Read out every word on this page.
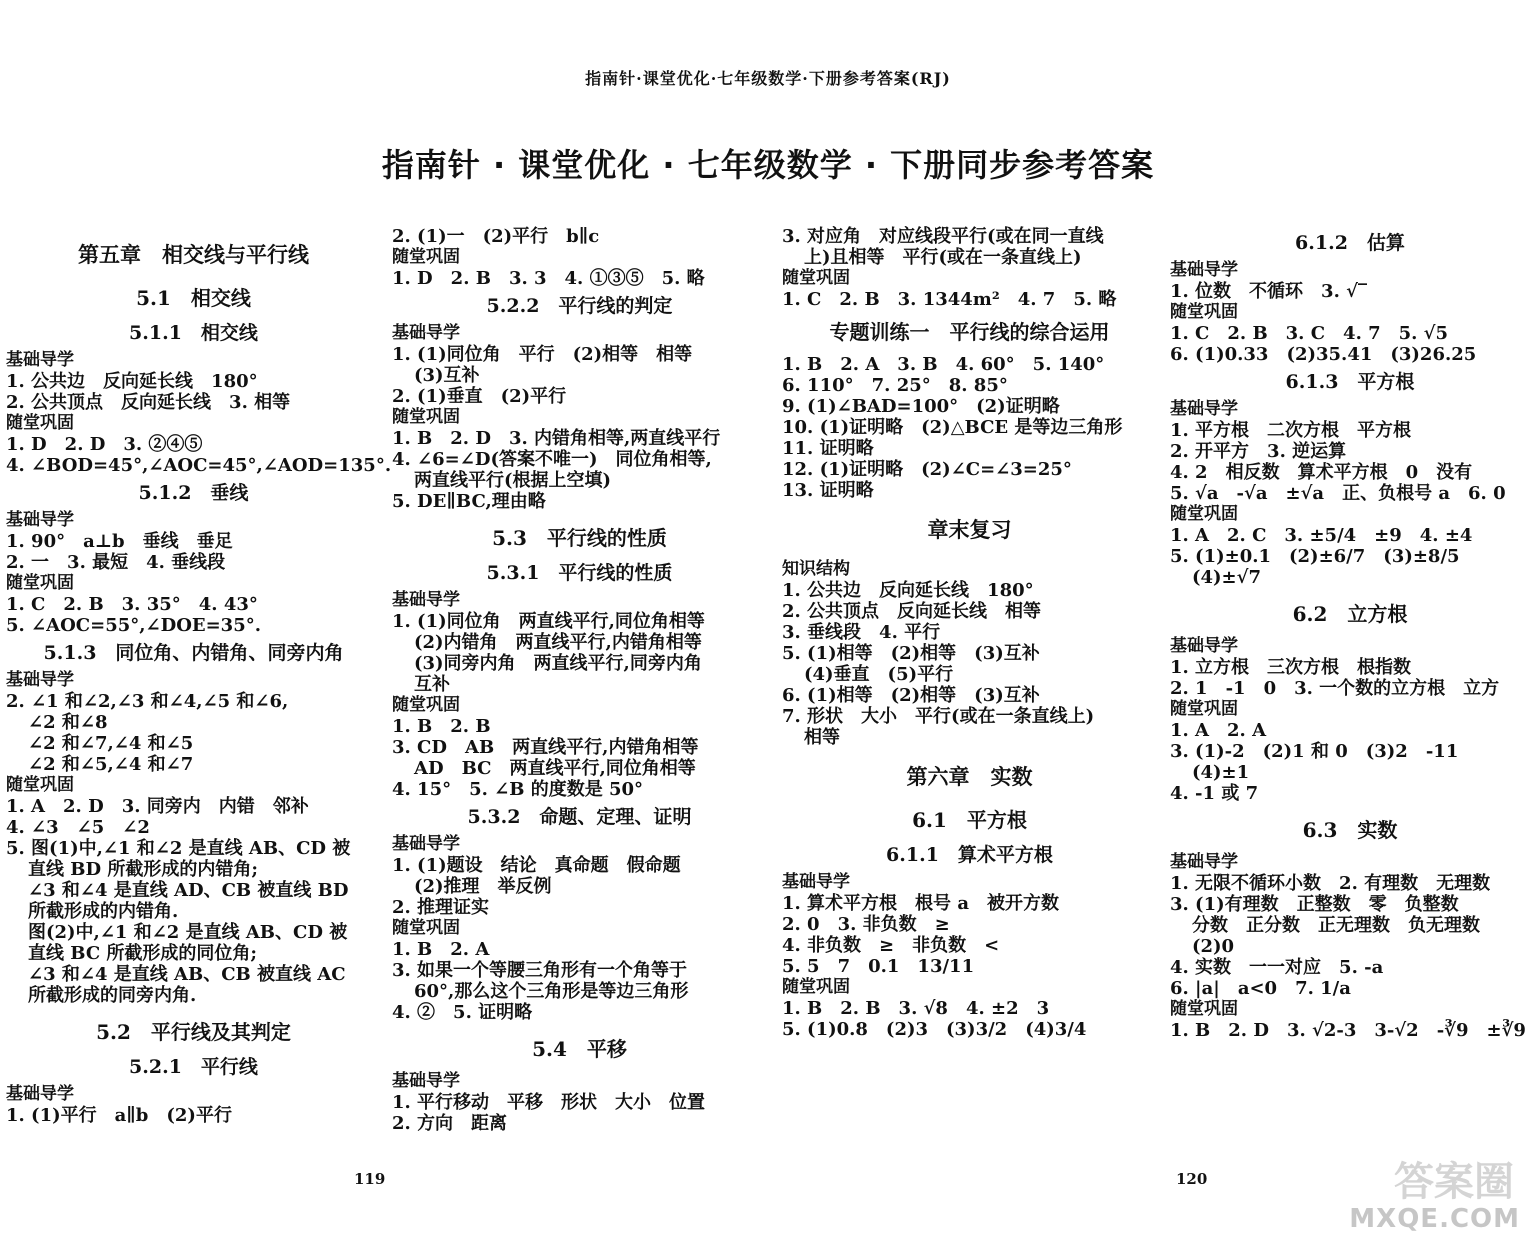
指南针·课堂优化·七年级数学·下册参考答案(RJ)
指南针 · 课堂优化 · 七年级数学 · 下册同步参考答案
第五章　相交线与平行线
5.1　相交线
5.1.1　相交线
基础导学
1. 公共边　反向延长线　180°
2. 公共顶点　反向延长线　3. 相等
随堂巩固
1. D　2. D　3. ②④⑤
4. ∠BOD=45°,∠AOC=45°,∠AOD=135°.
5.1.2　垂线
基础导学
1. 90°　a⊥b　垂线　垂足
2. 一　3. 最短　4. 垂线段
随堂巩固
1. C　2. B　3. 35°　4. 43°
5. ∠AOC=55°,∠DOE=35°.
5.1.3　同位角、内错角、同旁内角
基础导学
2. ∠1 和∠2,∠3 和∠4,∠5 和∠6,
∠2 和∠8
∠2 和∠7,∠4 和∠5
∠2 和∠5,∠4 和∠7
随堂巩固
1. A　2. D　3. 同旁内　内错　邻补
4. ∠3　∠5　∠2
5. 图(1)中,∠1 和∠2 是直线 AB、CD 被
直线 BD 所截形成的内错角;
∠3 和∠4 是直线 AD、CB 被直线 BD
所截形成的内错角.
图(2)中,∠1 和∠2 是直线 AB、CD 被
直线 BC 所截形成的同位角;
∠3 和∠4 是直线 AB、CB 被直线 AC
所截形成的同旁内角.
5.2　平行线及其判定
5.2.1　平行线
基础导学
1. (1)平行　a∥b　(2)平行
2. (1)一　(2)平行　b∥c
随堂巩固
1. D　2. B　3. 3　4. ①③⑤　5. 略
5.2.2　平行线的判定
基础导学
1. (1)同位角　平行　(2)相等　相等
(3)互补
2. (1)垂直　(2)平行
随堂巩固
1. B　2. D　3. 内错角相等,两直线平行
4. ∠6=∠D(答案不唯一)　同位角相等,
两直线平行(根据上空填)
5. DE∥BC,理由略
5.3　平行线的性质
5.3.1　平行线的性质
基础导学
1. (1)同位角　两直线平行,同位角相等
(2)内错角　两直线平行,内错角相等
(3)同旁内角　两直线平行,同旁内角
互补
随堂巩固
1. B　2. B
3. CD　AB　两直线平行,内错角相等
AD　BC　两直线平行,同位角相等
4. 15°　5. ∠B 的度数是 50°
5.3.2　命题、定理、证明
基础导学
1. (1)题设　结论　真命题　假命题
(2)推理　举反例
2. 推理证实
随堂巩固
1. B　2. A
3. 如果一个等腰三角形有一个角等于
60°,那么这个三角形是等边三角形
4. ②　5. 证明略
5.4　平移
基础导学
1. 平行移动　平移　形状　大小　位置
2. 方向　距离
3. 对应角　对应线段平行(或在同一直线
上)且相等　平行(或在一条直线上)
随堂巩固
1. C　2. B　3. 1344m²　4. 7　5. 略
专题训练一　平行线的综合运用
1. B　2. A　3. B　4. 60°　5. 140°
6. 110°　7. 25°　8. 85°
9. (1)∠BAD=100°　(2)证明略
10. (1)证明略　(2)△BCE 是等边三角形
11. 证明略
12. (1)证明略　(2)∠C=∠3=25°
13. 证明略
章末复习
知识结构
1. 公共边　反向延长线　180°
2. 公共顶点　反向延长线　相等
3. 垂线段　4. 平行
5. (1)相等　(2)相等　(3)互补
(4)垂直　(5)平行
6. (1)相等　(2)相等　(3)互补
7. 形状　大小　平行(或在一条直线上)
相等
第六章　实数
6.1　平方根
6.1.1　算术平方根
基础导学
1. 算术平方根　根号 a　被开方数
2. 0　3. 非负数　≥
4. 非负数　≥　非负数　<
5. 5　7　0.1　13/11
随堂巩固
1. B　2. B　3. √8　4. ±2　3
5. (1)0.8　(2)3　(3)3/2　(4)3/4
6.1.2　估算
基础导学
1. 位数　不循环　3. √‾
随堂巩固
1. C　2. B　3. C　4. 7　5. √5
6. (1)0.33　(2)35.41　(3)26.25
6.1.3　平方根
基础导学
1. 平方根　二次方根　平方根
2. 开平方　3. 逆运算
4. 2　相反数　算术平方根　0　没有
5. √a　-√a　±√a　正、负根号 a　6. 0
随堂巩固
1. A　2. C　3. ±5/4　±9　4. ±4
5. (1)±0.1　(2)±6/7　(3)±8/5
(4)±√7
6.2　立方根
基础导学
1. 立方根　三次方根　根指数
2. 1　-1　0　3. 一个数的立方根　立方
随堂巩固
1. A　2. A
3. (1)-2　(2)1 和 0　(3)2　-11
(4)±1
4. -1 或 7
6.3　实数
基础导学
1. 无限不循环小数　2. 有理数　无理数
3. (1)有理数　正整数　零　负整数
分数　正分数　正无理数　负无理数
(2)0
4. 实数　一一对应　5. -a
6. |a|　a<0　7. 1/a
随堂巩固
1. B　2. D　3. √2-3　3-√2　-∛9　±∛9
119	120	答案圈
MXQE.COM
